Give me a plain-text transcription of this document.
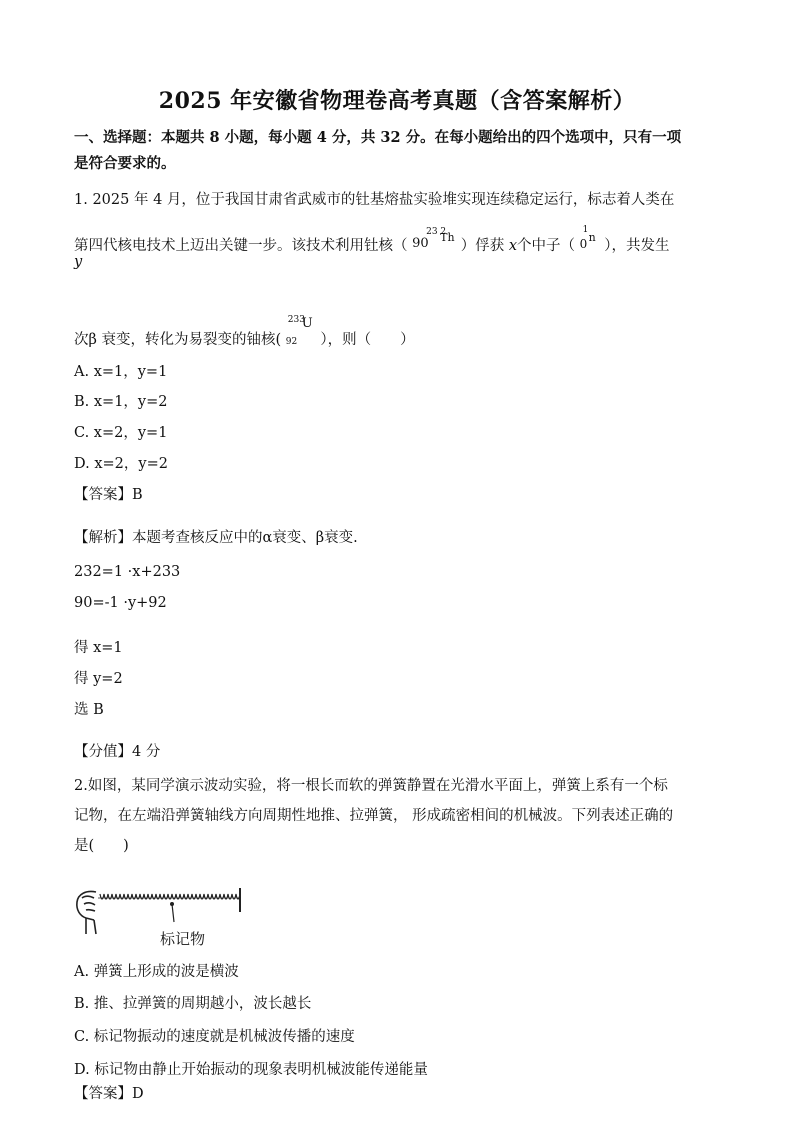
2025 年安徽省物理卷高考真题（含答案解析）
一、选择题：本题共 8 小题，每小题 4 分，共 32 分。在每小题给出的四个选项中，只有一项
是符合要求的。
1. 2025 年 4 月，位于我国甘肃省武威市的钍基熔盐实验堆实现连续稳定运行，标志着人类在
第四代核电技术上迈出关键一步。该技术利用钍核（
23 2
90 Th
）俘获 x个中子（
1
0 n
），共发生
y
次β 衰变，转化为易裂变的铀核(
233
92
U
），则（　　）
A. x=1，y=1
B. x=1，y=2
C. x=2，y=1
D. x=2，y=2
【答案】B
【解析】本题考查核反应中的α衰变、β衰变.
232=1 ·x+233
90=-1 ·y+92
得 x=1
得 y=2
选 B
【分值】4 分
2.如图，某同学演示波动实验，将一根长而软的弹簧静置在光滑水平面上，弹簧上系有一个标
记物，在左端沿弹簧轴线方向周期性地推、拉弹簧， 形成疏密相间的机械波。下列表述正确的
是(　　)
标记物
A. 弹簧上形成的波是横波
B. 推、拉弹簧的周期越小，波长越长
C. 标记物振动的速度就是机械波传播的速度
D. 标记物由静止开始振动的现象表明机械波能传递能量
【答案】D
